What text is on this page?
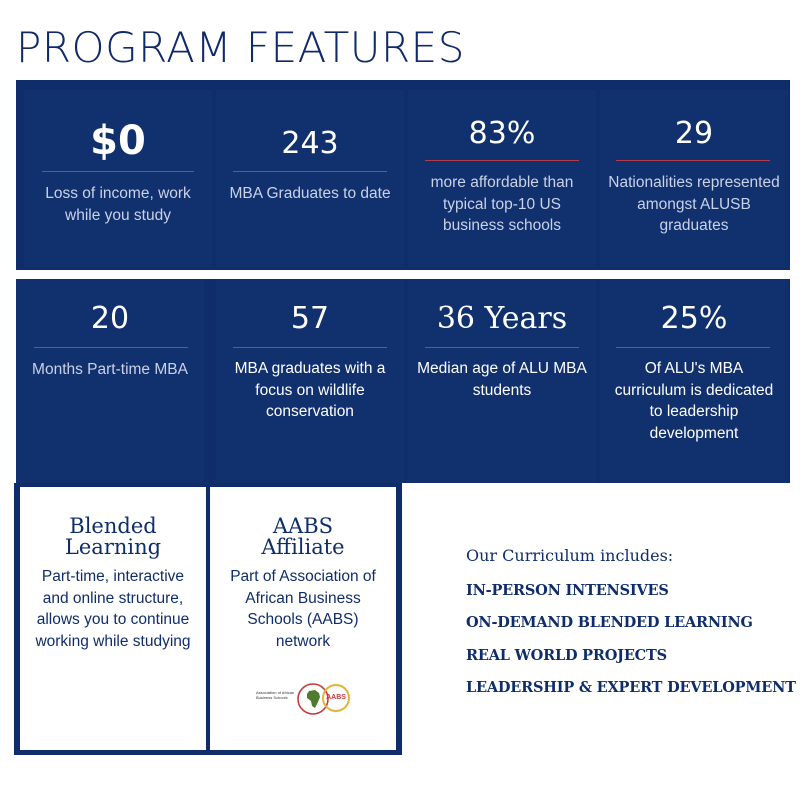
PROGRAM FEATURES
$0
Loss of income, work while you study
243
MBA Graduates to date
83%
more affordable than typical top-10 US business schools
29
Nationalities represented amongst ALUSB graduates
20
Months Part-time MBA
57
MBA graduates with a focus on wildlife conservation
36 Years
Median age of ALU MBA students
25%
Of ALU's MBA curriculum is dedicated to leadership development

Blended

Learning

Part-time, interactive and online structure, allows you to continue working while studying

AABS

Affiliate

Part of Association of African Business Schools (AABS) network
Association of African Business Schools	AABS
Our Curriculum includes:
IN-PERSON INTENSIVES
ON-DEMAND BLENDED LEARNING
REAL WORLD PROJECTS
LEADERSHIP & EXPERT DEVELOPMENT
